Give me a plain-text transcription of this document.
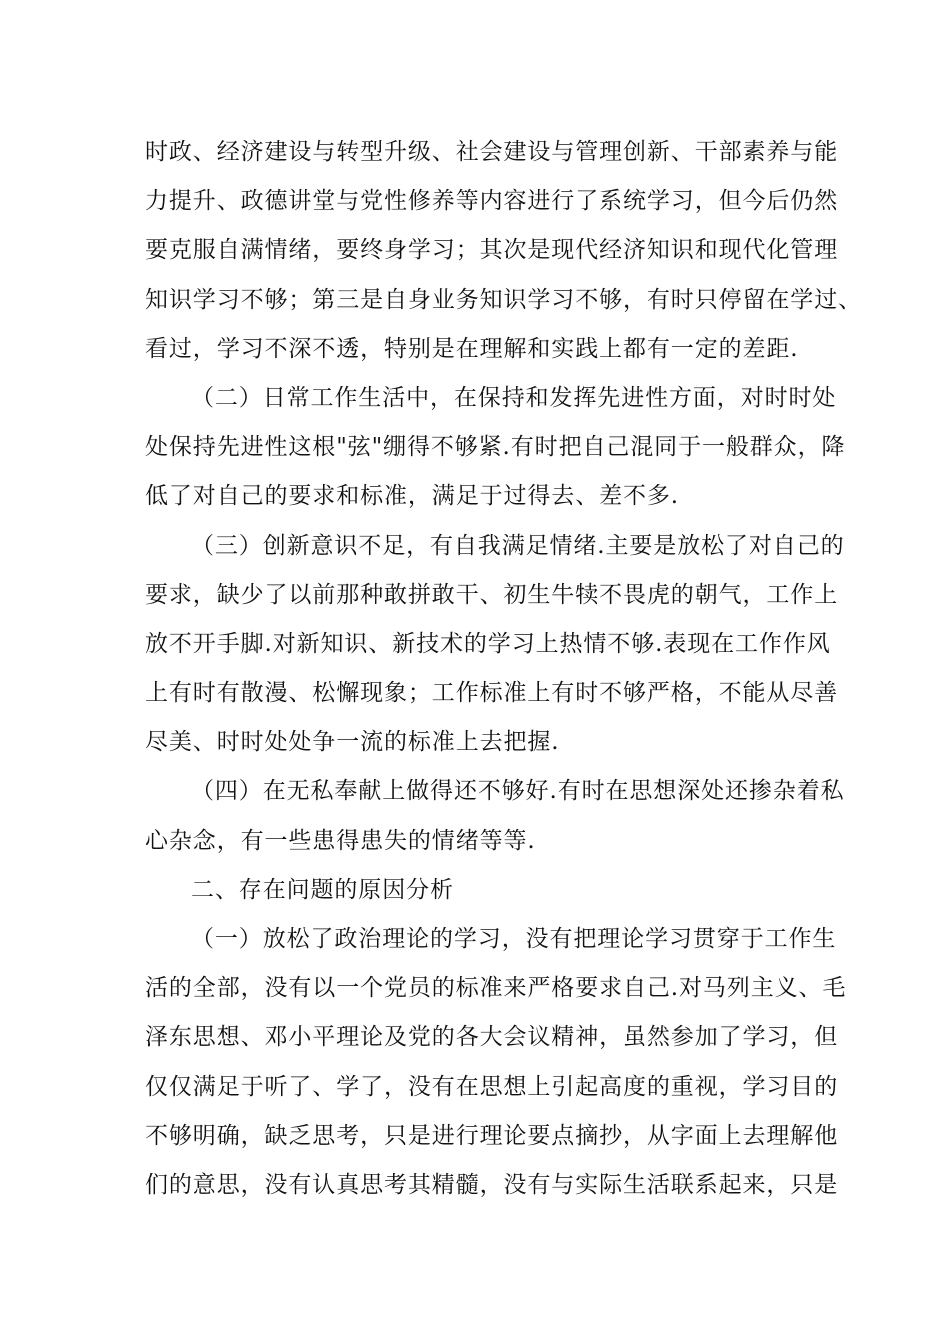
时政、经济建设与转型升级、社会建设与管理创新、干部素养与能
力提升、政德讲堂与党性修养等内容进行了系统学习，但今后仍然
要克服自满情绪，要终身学习；其次是现代经济知识和现代化管理
知识学习不够；第三是自身业务知识学习不够，有时只停留在学过、
看过，学习不深不透，特别是在理解和实践上都有一定的差距.
（二）日常工作生活中，在保持和发挥先进性方面，对时时处
处保持先进性这根"弦"绷得不够紧.有时把自己混同于一般群众，降
低了对自己的要求和标准，满足于过得去、差不多.
（三）创新意识不足，有自我满足情绪.主要是放松了对自己的
要求，缺少了以前那种敢拼敢干、初生牛犊不畏虎的朝气，工作上
放不开手脚.对新知识、新技术的学习上热情不够.表现在工作作风
上有时有散漫、松懈现象；工作标准上有时不够严格，不能从尽善
尽美、时时处处争一流的标准上去把握.
（四）在无私奉献上做得还不够好.有时在思想深处还掺杂着私
心杂念，有一些患得患失的情绪等等.
二、存在问题的原因分析
（一）放松了政治理论的学习，没有把理论学习贯穿于工作生
活的全部，没有以一个党员的标准来严格要求自己.对马列主义、毛
泽东思想、邓小平理论及党的各大会议精神，虽然参加了学习，但
仅仅满足于听了、学了，没有在思想上引起高度的重视，学习目的
不够明确，缺乏思考，只是进行理论要点摘抄，从字面上去理解他
们的意思，没有认真思考其精髓，没有与实际生活联系起来，只是
